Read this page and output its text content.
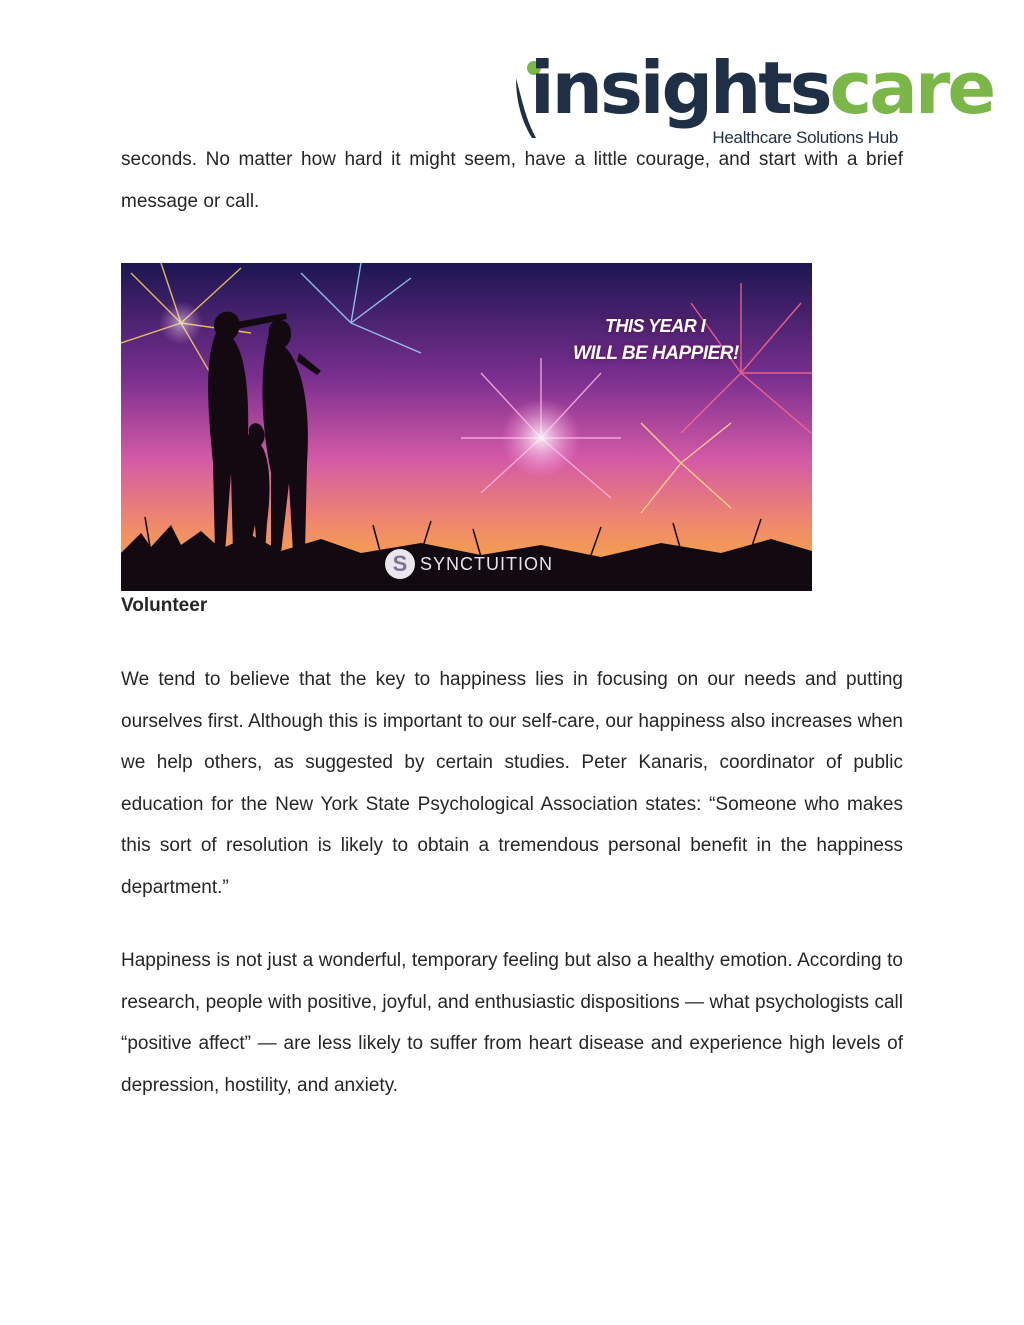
insightscare
Healthcare Solutions Hub

seconds. No matter how hard it might seem, have a little courage, and start with a brief message or call.

THIS YEAR I
WILL BE HAPPIER!
S SYNCTUITION
Volunteer

We tend to believe that the key to happiness lies in focusing on our needs and putting ourselves first. Although this is important to our self-care, our happiness also increases when we help others, as suggested by certain studies. Peter Kanaris, coordinator of public education for the New York State Psychological Association states: “Someone who makes this sort of resolution is likely to obtain a tremendous personal benefit in the happiness department.”

Happiness is not just a wonderful, temporary feeling but also a healthy emotion. According to research, people with positive, joyful, and enthusiastic dispositions — what psychologists call “positive affect” — are less likely to suffer from heart disease and experience high levels of depression, hostility, and anxiety.
